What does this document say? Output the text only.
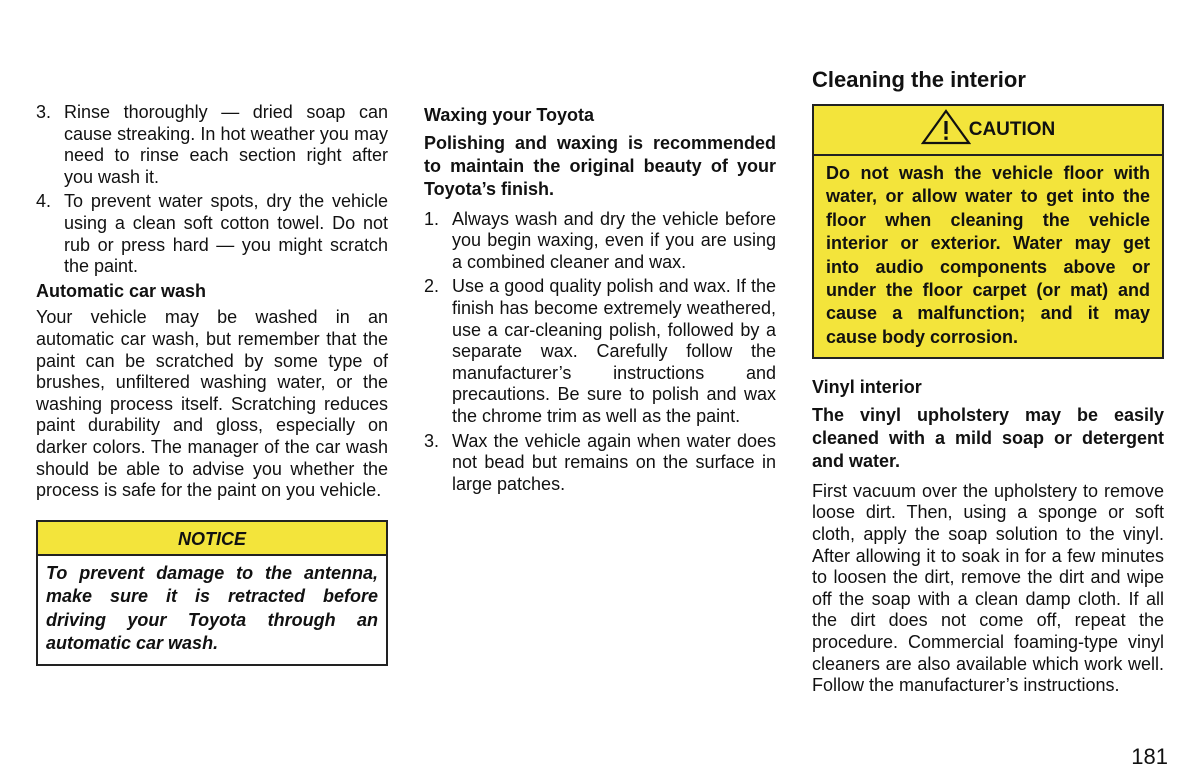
3. Rinse thoroughly — dried soap can cause streaking. In hot weather you may need to rinse each section right after you wash it.
4. To prevent water spots, dry the vehicle using a clean soft cotton towel. Do not rub or press hard — you might scratch the paint.
Automatic car wash

Your vehicle may be washed in an automatic car wash, but remember that the paint can be scratched by some type of brushes, unfiltered washing water, or the washing process itself. Scratching reduces paint durability and gloss, especially on darker colors. The manager of the car wash should be able to advise you whether the process is safe for the paint on you vehicle.

NOTICE
To prevent damage to the antenna, make sure it is retracted before driving your Toyota through an automatic car wash.
Waxing your Toyota
Polishing and waxing is recommended to maintain the original beauty of your Toyota’s finish.
1. Always wash and dry the vehicle before you begin waxing, even if you are using a combined cleaner and wax.
2. Use a good quality polish and wax. If the finish has become extremely weathered, use a car-cleaning polish, followed by a separate wax. Carefully follow the manufacturer’s instructions and precautions. Be sure to polish and wax the chrome trim as well as the paint.
3. Wax the vehicle again when water does not bead but remains on the surface in large patches.
Cleaning the interior
CAUTION
Do not wash the vehicle floor with water, or allow water to get into the floor when cleaning the vehicle interior or exterior. Water may get into audio components above or under the floor carpet (or mat) and cause a malfunction; and it may cause body corrosion.
Vinyl interior
The vinyl upholstery may be easily cleaned with a mild soap or detergent and water.

First vacuum over the upholstery to remove loose dirt. Then, using a sponge or soft cloth, apply the soap solution to the vinyl. After allowing it to soak in for a few minutes to loosen the dirt, remove the dirt and wipe off the soap with a clean damp cloth. If all the dirt does not come off, repeat the procedure. Commercial foaming-type vinyl cleaners are also available which work well. Follow the manufacturer’s instructions.

181
